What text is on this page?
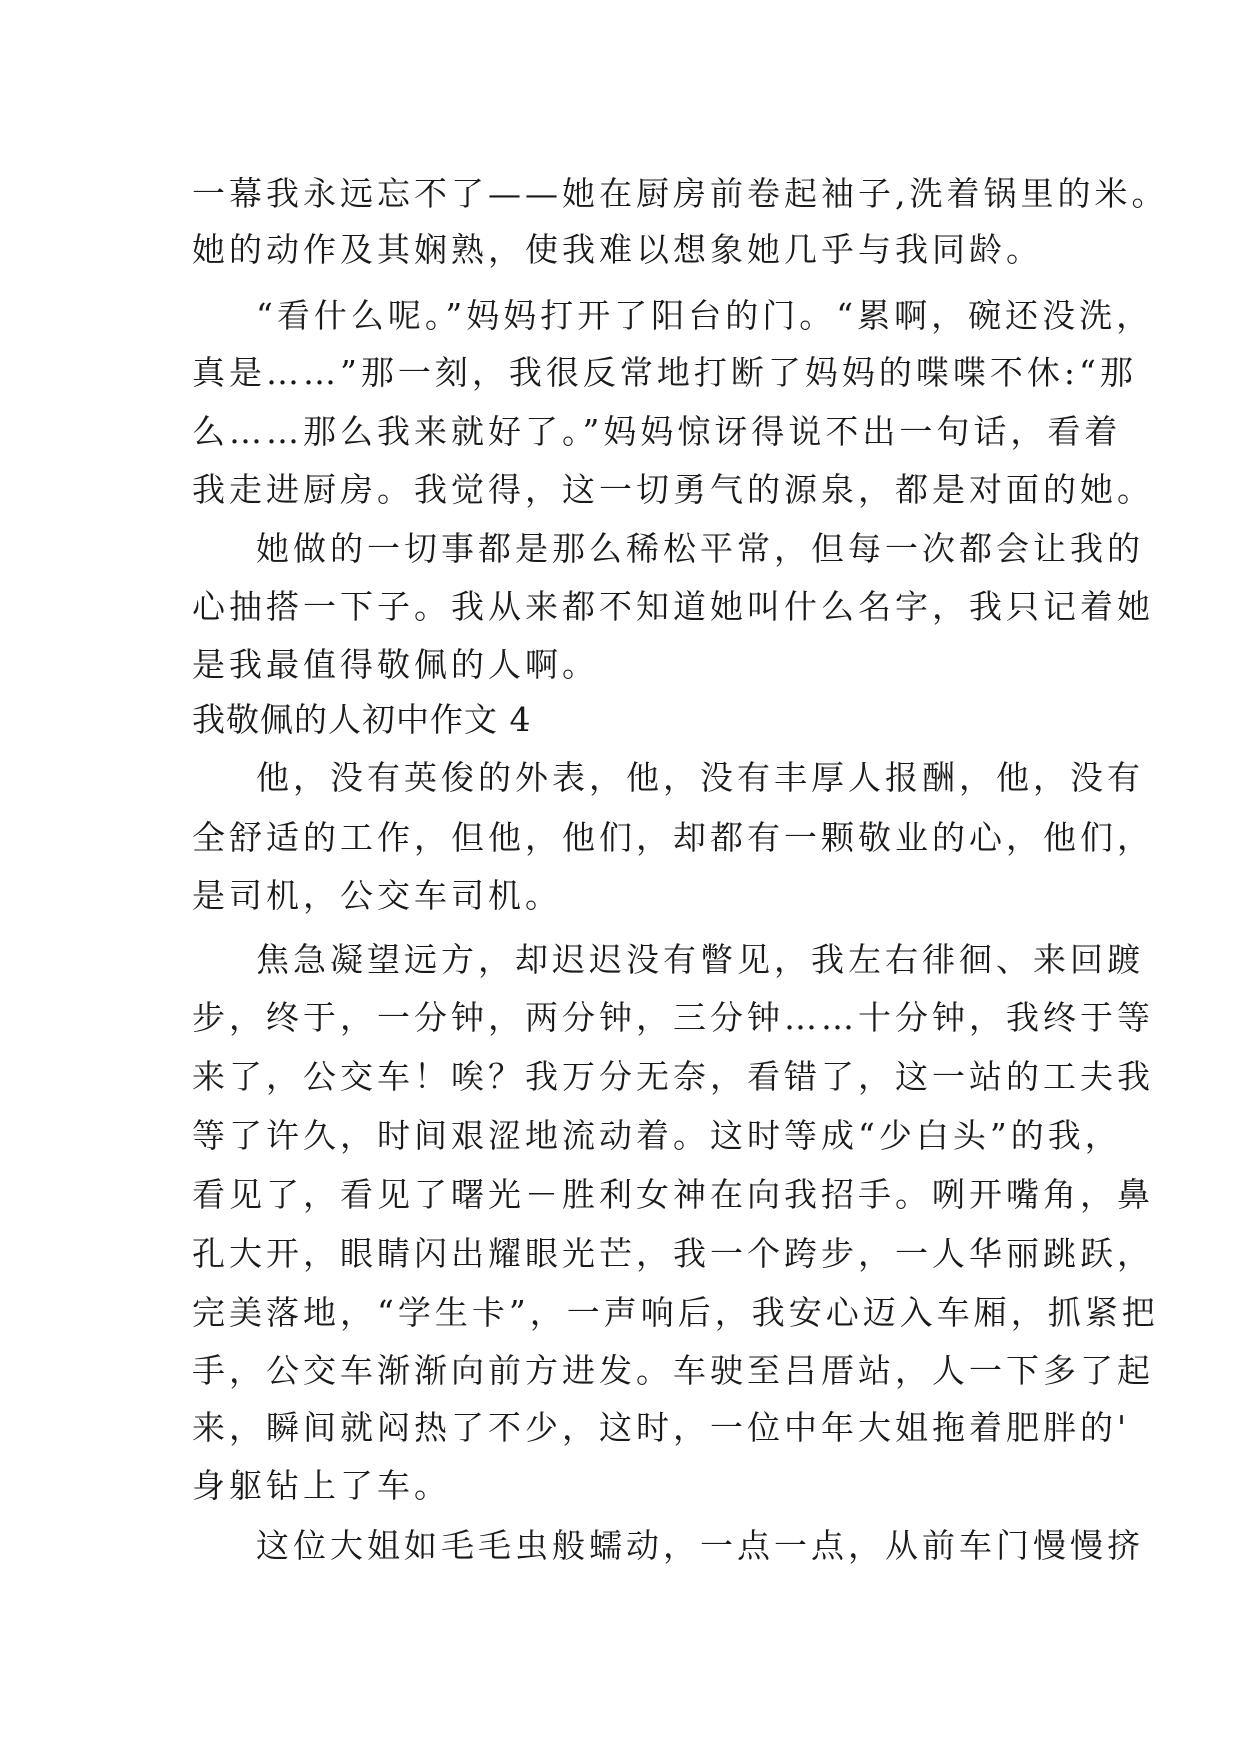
一幕我永远忘不了——她在厨房前卷起袖子,洗着锅里的米。
她的动作及其娴熟，使我难以想象她几乎与我同龄。
“看什么呢。”妈妈打开了阳台的门。“累啊，碗还没洗，
真是……”那一刻，我很反常地打断了妈妈的喋喋不休:“那
么……那么我来就好了。”妈妈惊讶得说不出一句话，看着
我走进厨房。我觉得，这一切勇气的源泉，都是对面的她。
她做的一切事都是那么稀松平常，但每一次都会让我的
心抽搭一下子。我从来都不知道她叫什么名字，我只记着她
是我最值得敬佩的人啊。
我敬佩的人初中作文 4
他，没有英俊的外表，他，没有丰厚人报酬，他，没有
全舒适的工作，但他，他们，却都有一颗敬业的心，他们，
是司机，公交车司机。
焦急凝望远方，却迟迟没有瞥见，我左右徘徊、来回踱
步，终于，一分钟，两分钟，三分钟……十分钟，我终于等
来了，公交车！唉？我万分无奈，看错了，这一站的工夫我
等了许久，时间艰涩地流动着。这时等成“少白头”的我，
看见了，看见了曙光－胜利女神在向我招手。咧开嘴角，鼻
孔大开，眼睛闪出耀眼光芒，我一个跨步，一人华丽跳跃，
完美落地，“学生卡”，一声响后，我安心迈入车厢，抓紧把
手，公交车渐渐向前方进发。车驶至吕厝站，人一下多了起
来，瞬间就闷热了不少，这时，一位中年大姐拖着肥胖的'
身躯钻上了车。
这位大姐如毛毛虫般蠕动，一点一点，从前车门慢慢挤
